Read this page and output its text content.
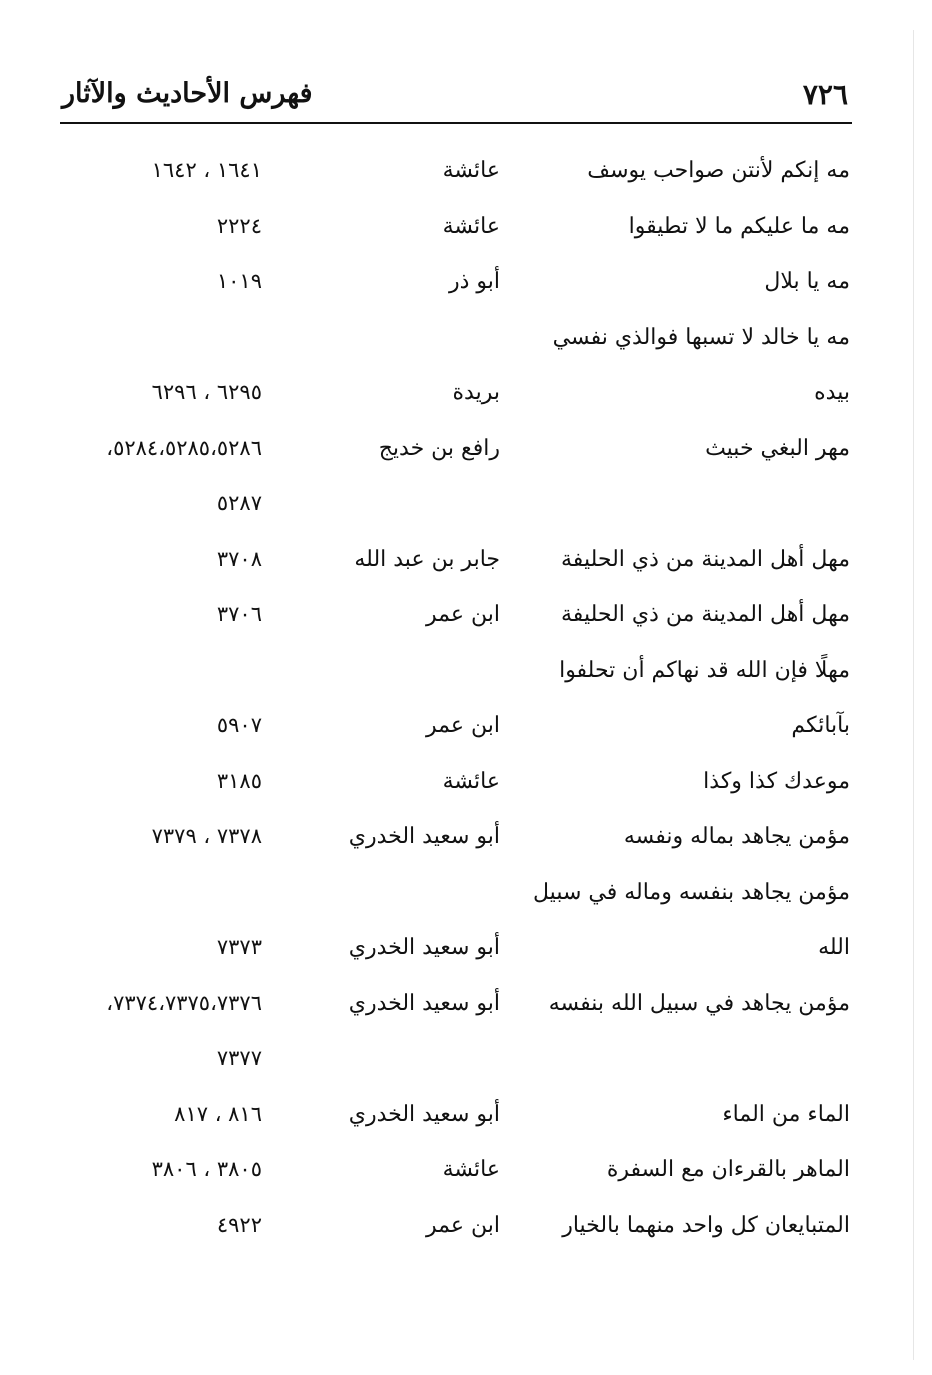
٧٢٦
فهرس الأحاديث والآثار
مه إنكم لأنتن صواحب يوسف
عائشة
١٦٤١ ، ١٦٤٢
مه ما عليكم ما لا تطيقوا
عائشة
٢٢٢٤
مه يا بلال
أبو ذر
١٠١٩
مه يا خالد لا تسبها فوالذي نفسي
بيده
بريدة
٦٢٩٥ ، ٦٢٩٦
مهر البغي خبيث
رافع بن خديج
٥٢٨٤،٥٢٨٥،٥٢٨٦،
٥٢٨٧
مهل أهل المدينة من ذي الحليفة
جابر بن عبد الله
٣٧٠٨
مهل أهل المدينة من ذي الحليفة
ابن عمر
٣٧٠٦
مهلًا فإن الله قد نهاكم أن تحلفوا
بآبائكم
ابن عمر
٥٩٠٧
موعدك كذا وكذا
عائشة
٣١٨٥
مؤمن يجاهد بماله ونفسه
أبو سعيد الخدري
٧٣٧٨ ، ٧٣٧٩
مؤمن يجاهد بنفسه وماله في سبيل
الله
أبو سعيد الخدري
٧٣٧٣
مؤمن يجاهد في سبيل الله بنفسه
أبو سعيد الخدري
٧٣٧٤،٧٣٧٥،٧٣٧٦،
٧٣٧٧
الماء من الماء
أبو سعيد الخدري
٨١٦ ، ٨١٧
الماهر بالقرءان مع السفرة
عائشة
٣٨٠٥ ، ٣٨٠٦
المتبايعان كل واحد منهما بالخيار
ابن عمر
٤٩٢٢
